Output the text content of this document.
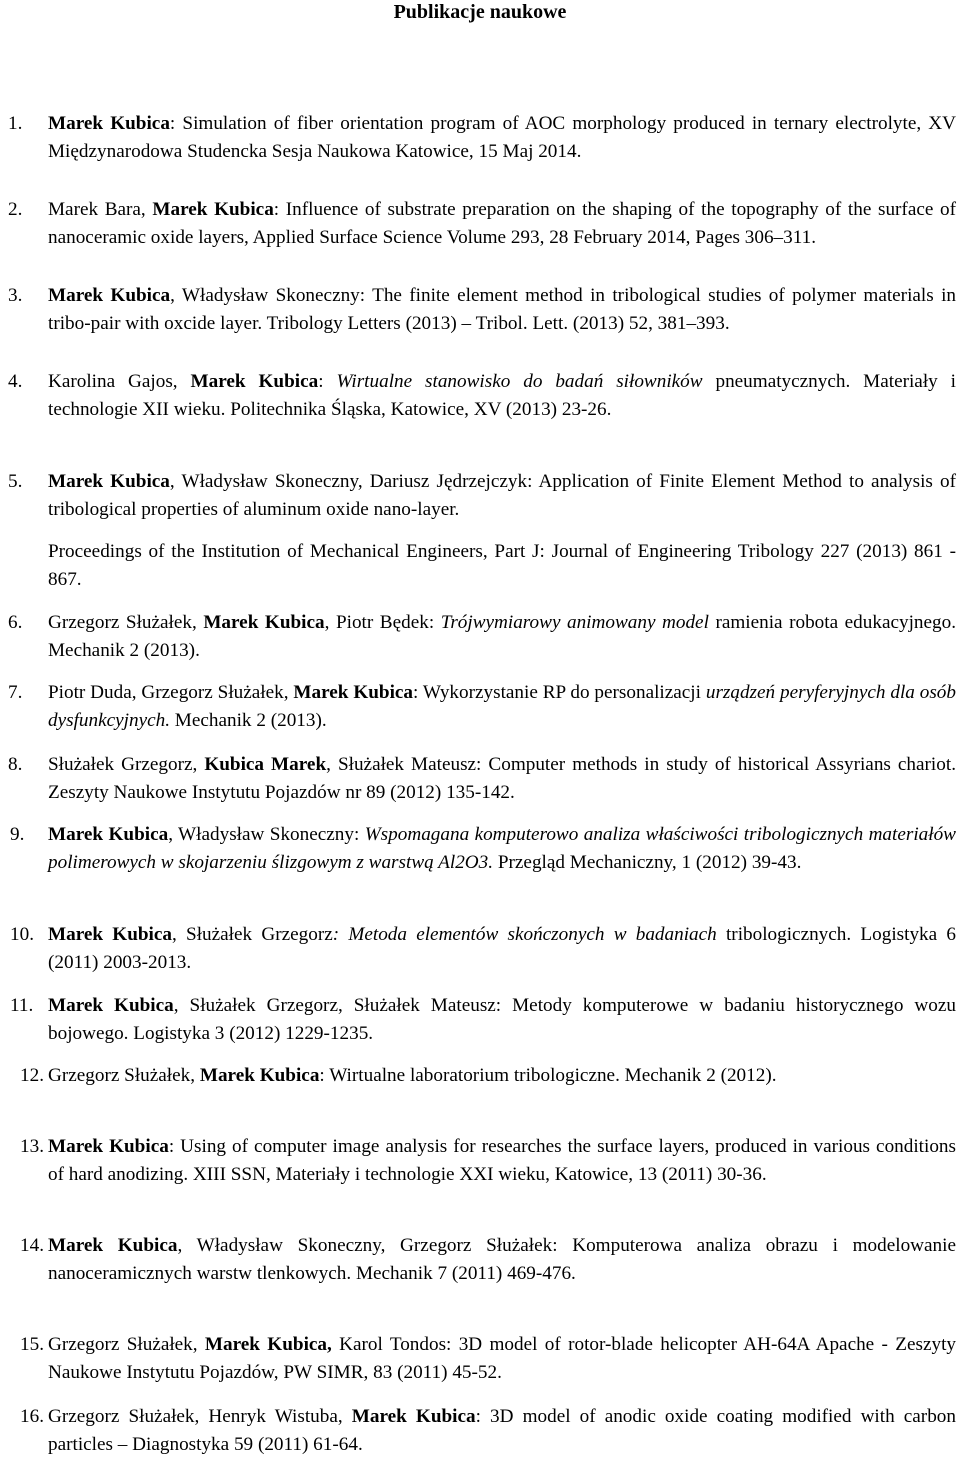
Publikacje naukowe
1. Marek Kubica: Simulation of fiber orientation program of AOC morphology produced in ternary electrolyte, XV Międzynarodowa Studencka Sesja Naukowa Katowice, 15 Maj 2014.
2. Marek Bara, Marek Kubica: Influence of substrate preparation on the shaping of the topography of the surface of nanoceramic oxide layers, Applied Surface Science Volume 293, 28 February 2014, Pages 306–311.
3. Marek Kubica, Władysław Skoneczny: The finite element method in tribological studies of polymer materials in tribo-pair with oxcide layer. Tribology Letters (2013) – Tribol. Lett. (2013) 52, 381–393.
4. Karolina Gajos, Marek Kubica: Wirtualne stanowisko do badań siłowników pneumatycznych. Materiały i technologie XII wieku. Politechnika Śląska, Katowice, XV (2013) 23-26.
5. Marek Kubica, Władysław Skoneczny, Dariusz Jędrzejczyk: Application of Finite Element Method to analysis of tribological properties of aluminum oxide nano-layer.
Proceedings of the Institution of Mechanical Engineers, Part J: Journal of Engineering Tribology 227 (2013) 861 - 867.
6. Grzegorz Służałek, Marek Kubica, Piotr Będek: Trójwymiarowy animowany model ramienia robota edukacyjnego. Mechanik 2 (2013).
7. Piotr Duda, Grzegorz Służałek, Marek Kubica: Wykorzystanie RP do personalizacji urządzeń peryferyjnych dla osób dysfunkcyjnych. Mechanik 2 (2013).
8. Służałek Grzegorz, Kubica Marek, Służałek Mateusz: Computer methods in study of historical Assyrians chariot. Zeszyty Naukowe Instytutu Pojazdów nr 89 (2012) 135-142.
9. Marek Kubica, Władysław Skoneczny: Wspomagana komputerowo analiza właściwości tribologicznych materiałów polimerowych w skojarzeniu ślizgowym z warstwą Al2O3. Przegląd Mechaniczny, 1 (2012) 39-43.
10. Marek Kubica, Służałek Grzegorz: Metoda elementów skończonych w badaniach tribologicznych. Logistyka 6 (2011) 2003-2013.
11. Marek Kubica, Służałek Grzegorz, Służałek Mateusz: Metody komputerowe w badaniu historycznego wozu bojowego. Logistyka 3 (2012) 1229-1235.
12. Grzegorz Służałek, Marek Kubica: Wirtualne laboratorium tribologiczne. Mechanik 2 (2012).
13. Marek Kubica: Using of computer image analysis for researches the surface layers, produced in various conditions of hard anodizing. XIII SSN, Materiały i technologie XXI wieku, Katowice, 13 (2011) 30-36.
14. Marek Kubica, Władysław Skoneczny, Grzegorz Służałek: Komputerowa analiza obrazu i modelowanie nanoceramicznych warstw tlenkowych. Mechanik 7 (2011) 469-476.
15. Grzegorz Służałek, Marek Kubica, Karol Tondos: 3D model of rotor-blade helicopter AH-64A Apache - Zeszyty Naukowe Instytutu Pojazdów, PW SIMR, 83 (2011) 45-52.
16. Grzegorz Służałek, Henryk Wistuba, Marek Kubica: 3D model of anodic oxide coating modified with carbon particles – Diagnostyka 59 (2011) 61-64.
